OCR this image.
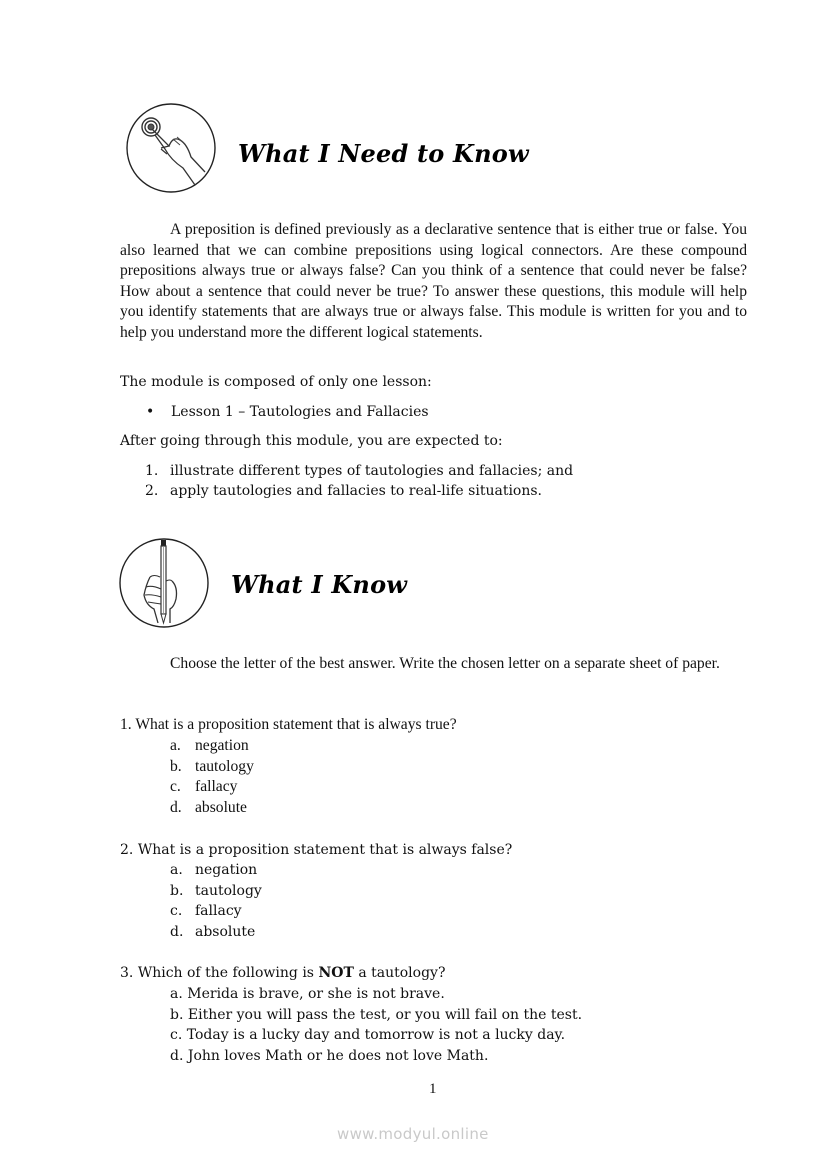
What I Need to Know
A preposition is defined previously as a declarative sentence that is either true or false. You also learned that we can combine prepositions using logical connectors. Are these compound prepositions always true or always false? Can you think of a sentence that could never be false? How about a sentence that could never be true? To answer these questions, this module will help you identify statements that are always true or always false. This module is written for you and to help you understand more the different logical statements.
The module is composed of only one lesson:
• Lesson 1 – Tautologies and Fallacies
After going through this module, you are expected to:
1. illustrate different types of tautologies and fallacies; and
2. apply tautologies and fallacies to real-life situations.
What I Know
Choose the letter of the best answer. Write the chosen letter on a separate sheet of paper.
1. What is a proposition statement that is always true?
a. negation
b. tautology
c. fallacy
d. absolute
2. What is a proposition statement that is always false?
a. negation
b. tautology
c. fallacy
d. absolute
3. Which of the following is NOT a tautology?
a. Merida is brave, or she is not brave.
b. Either you will pass the test, or you will fail on the test.
c. Today is a lucky day and tomorrow is not a lucky day.
d. John loves Math or he does not love Math.
1
www.modyul.online
